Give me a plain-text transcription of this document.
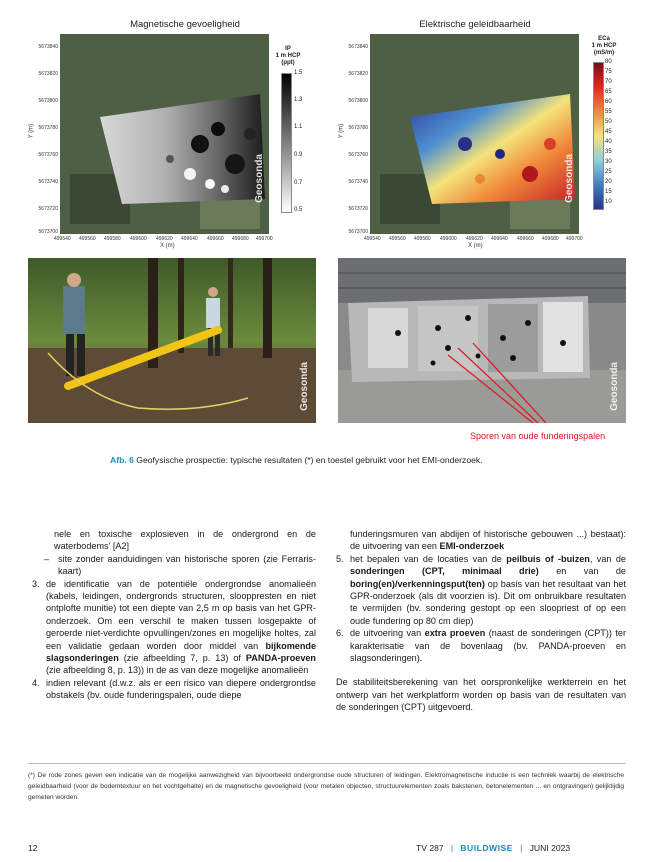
Magnetische gevoeligheid
5673840
5673820
5673800
5673780
5673760
5673740
5673720
5673700
Y (m)
Geosonda
499540 499560 499580 499600 499620 499640 499660 499680 499700
X (m)
IP
1 m HCP
(ppt)
1.5
1.3
1.1
0.9
0.7
0.5
Elektrische geleidbaarheid
5673840
5673820
5673800
5673780
5673760
5673740
5673720
5673700
Y (m)
Geosonda
499540 499560 499580 499600 499620 499640 499660 499680 499700
X (m)
ECa
1 m HCP
(mS/m)
80
75
70
65
60
55
50
45
40
35
30
25
20
15
10
Geosonda	Geosonda
Sporen van oude funderingspalen
Afb. 6 Geofysische prospectie: typische resultaten (*) en toestel gebruikt voor het EMI-onderzoek.
nele en toxische explosieven in de ondergrond en de waterbodems' [A2]
– site zonder aanduidingen van historische sporen (zie Ferraris-kaart)
3. de identificatie van de potentiële ondergrondse anomalieën (kabels, leidingen, ondergronds structuren, slooppresten en niet ontplofte munitie) tot een diepte van 2,5 m op basis van het GPR-onderzoek. Om een verschil te maken tussen losgepakte of geroerde niet-verdichte opvullingen/zones en mogelijke holtes, zal een validatie gedaan worden door middel van bijkomende slagsonderingen (zie afbeelding 7, p. 13) of PANDA-proeven (zie afbeelding 8, p. 13)) in de as van deze mogelijke anomalieën
4. indien relevant (d.w.z. als er een risico van diepere ondergrondse obstakels (bv. oude funderingspalen, oude diepe
funderingsmuren van abdijen of historische gebouwen ...) bestaat): de uitvoering van een EMI-onderzoek
5. het bepalen van de locaties van de peilbuis of -buizen, van de sonderingen (CPT, minimaal drie) en van de boring(en)/verkenningsput(ten) op basis van het resultaat van het GPR-onderzoek (als dit voorzien is). Dit om onbruikbare resultaten te vermijden (bv. sondering gestopt op een sloopriest of op een oude fundering op 80 cm diep)
6. de uitvoering van extra proeven (naast de sonderingen (CPT)) ter karakterisatie van de bovenlaag (bv. PANDA-proeven en slagsonderingen).
De stabiliteitsberekening van het oorspronkelijke werkterrein en het ontwerp van het werkplatform worden op basis van de resultaten van de sonderingen (CPT) uitgevoerd.
(*) De rode zones geven een indicatie van de mogelijke aanwezigheid van bijvoorbeeld ondergrondse oude structuren of leidingen. Elektromagnetische inductie is een techniek waarbij de elektrische geleidbaarheid (voor de bodemtextuur en het vochtgehalte) en de magnetische gevoeligheid (voor metalen objecten, structuurelementen zoals bakstenen, betonelementen ... en ontgravingen) gelijktijdig gemeten worden.
12	TV 287   |   BUILDWISE   |   JUNI 2023
